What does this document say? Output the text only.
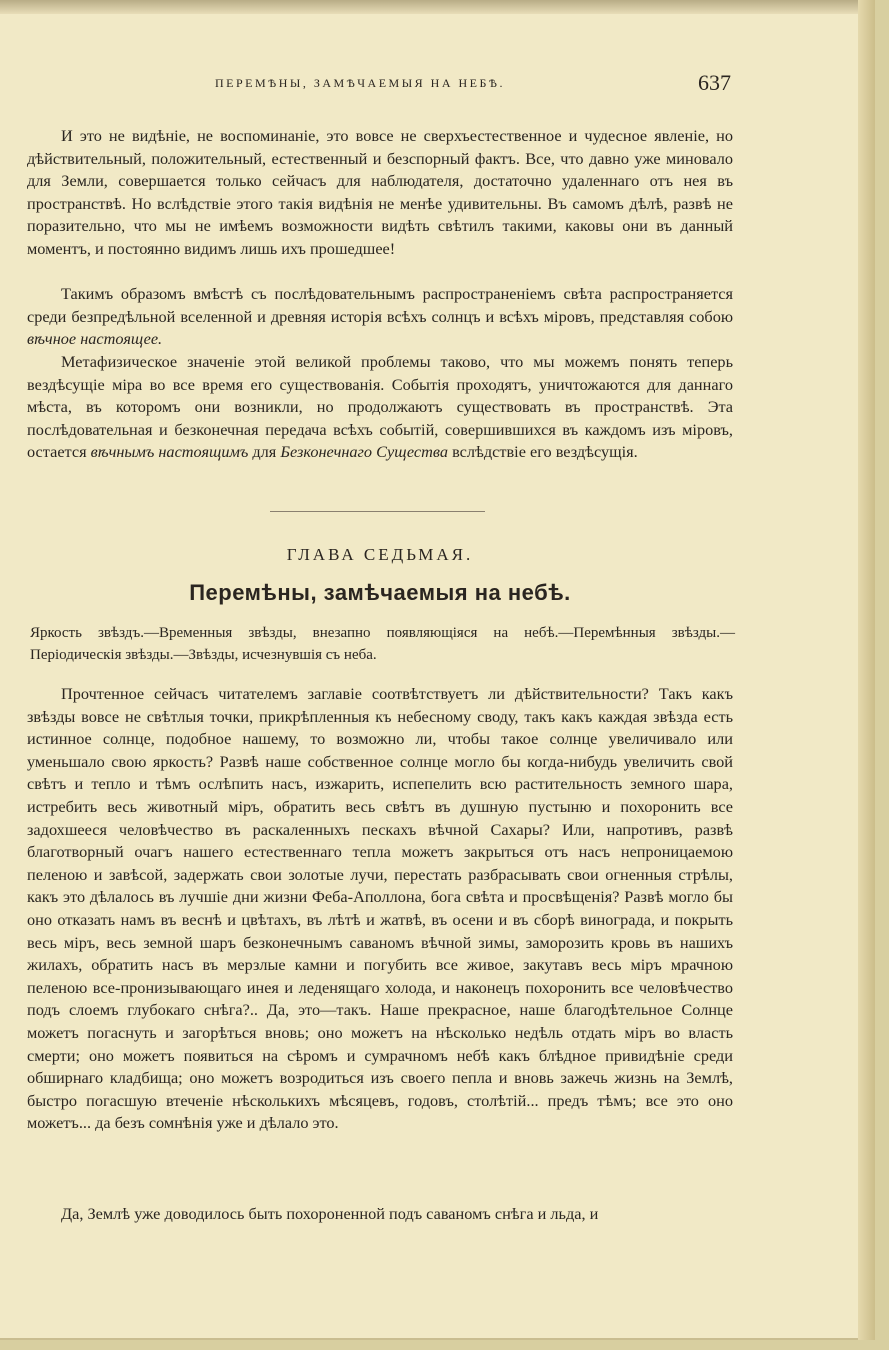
ПЕРЕМѢНЫ, ЗАМѢЧАЕМЫЯ НА НЕБѢ.	637

И это не видѣніе, не воспоминаніе, это вовсе не сверхъестественное и чудесное явленіе, но дѣйствительный, положительный, естественный и безспорный фактъ. Все, что давно уже миновало для Земли, совершается только сейчасъ для наблюдателя, достаточно удаленнаго отъ нея въ пространствѣ. Но вслѣдствіе этого такія видѣнія не менѣе удивительны. Въ самомъ дѣлѣ, развѣ не поразительно, что мы не имѣемъ возможности видѣть свѣтилъ такими, каковы они въ данный моментъ, и постоянно видимъ лишь ихъ прошедшее!

Такимъ образомъ вмѣстѣ съ послѣдовательнымъ распространеніемъ свѣта распространяется среди безпредѣльной вселенной и древняя исторія всѣхъ солнцъ и всѣхъ міровъ, представляя собою вѣчное настоящее.

Метафизическое значеніе этой великой проблемы таково, что мы можемъ понять теперь вездѣсущіе міра во все время его существованія. Событія проходятъ, уничтожаются для даннаго мѣста, въ которомъ они возникли, но продолжаютъ существовать въ пространствѣ. Эта послѣдовательная и безконечная передача всѣхъ событій, совершившихся въ каждомъ изъ міровъ, остается вѣчнымъ настоящимъ для Безконечнаго Существа вслѣдствіе его вездѣсущія.

ГЛАВА СЕДЬМАЯ.
Перемѣны, замѣчаемыя на небѣ.

Яркость звѣздъ.—Временныя звѣзды, внезапно появляющіяся на небѣ.—Перемѣнныя звѣзды.—Періодическія звѣзды.—Звѣзды, исчезнувшія съ неба.

Прочтенное сейчасъ читателемъ заглавіе соотвѣтствуетъ ли дѣйствительности? Такъ какъ звѣзды вовсе не свѣтлыя точки, прикрѣпленныя къ небесному своду, такъ какъ каждая звѣзда есть истинное солнце, подобное нашему, то возможно ли, чтобы такое солнце увеличивало или уменьшало свою яркость? Развѣ наше собственное солнце могло бы когда-нибудь увеличить свой свѣтъ и тепло и тѣмъ ослѣпить насъ, изжарить, испепелить всю растительность земного шара, истребить весь животный міръ, обратить весь свѣтъ въ душную пустыню и похоронить все задохшееся человѣчество въ раскаленныхъ пескахъ вѣчной Сахары? Или, напротивъ, развѣ благотворный очагъ нашего естественнаго тепла можетъ закрыться отъ насъ непроницаемою пеленою и завѣсой, задержать свои золотые лучи, перестать разбрасывать свои огненныя стрѣлы, какъ это дѣлалось въ лучшіе дни жизни Феба-Аполлона, бога свѣта и просвѣщенія? Развѣ могло бы оно отказать намъ въ веснѣ и цвѣтахъ, въ лѣтѣ и жатвѣ, въ осени и въ сборѣ винограда, и покрыть весь міръ, весь земной шаръ безконечнымъ саваномъ вѣчной зимы, заморозить кровь въ нашихъ жилахъ, обратить насъ въ мерзлые камни и погубить все живое, закутавъ весь міръ мрачною пеленою все-пронизывающаго инея и леденящаго холода, и наконецъ похоронить все человѣчество подъ слоемъ глубокаго снѣга?.. Да, это—такъ. Наше прекрасное, наше благодѣтельное Солнце можетъ погаснуть и загорѣться вновь; оно можетъ на нѣсколько недѣль отдать міръ во власть смерти; оно можетъ появиться на сѣромъ и сумрачномъ небѣ какъ блѣдное привидѣніе среди обширнаго кладбища; оно можетъ возродиться изъ своего пепла и вновь зажечь жизнь на Землѣ, быстро погасшую втеченіе нѣсколькихъ мѣсяцевъ, годовъ, столѣтій... предъ тѣмъ; все это оно можетъ... да безъ сомнѣнія уже и дѣлало это.

Да, Землѣ уже доводилось быть похороненной подъ саваномъ снѣга и льда, и
